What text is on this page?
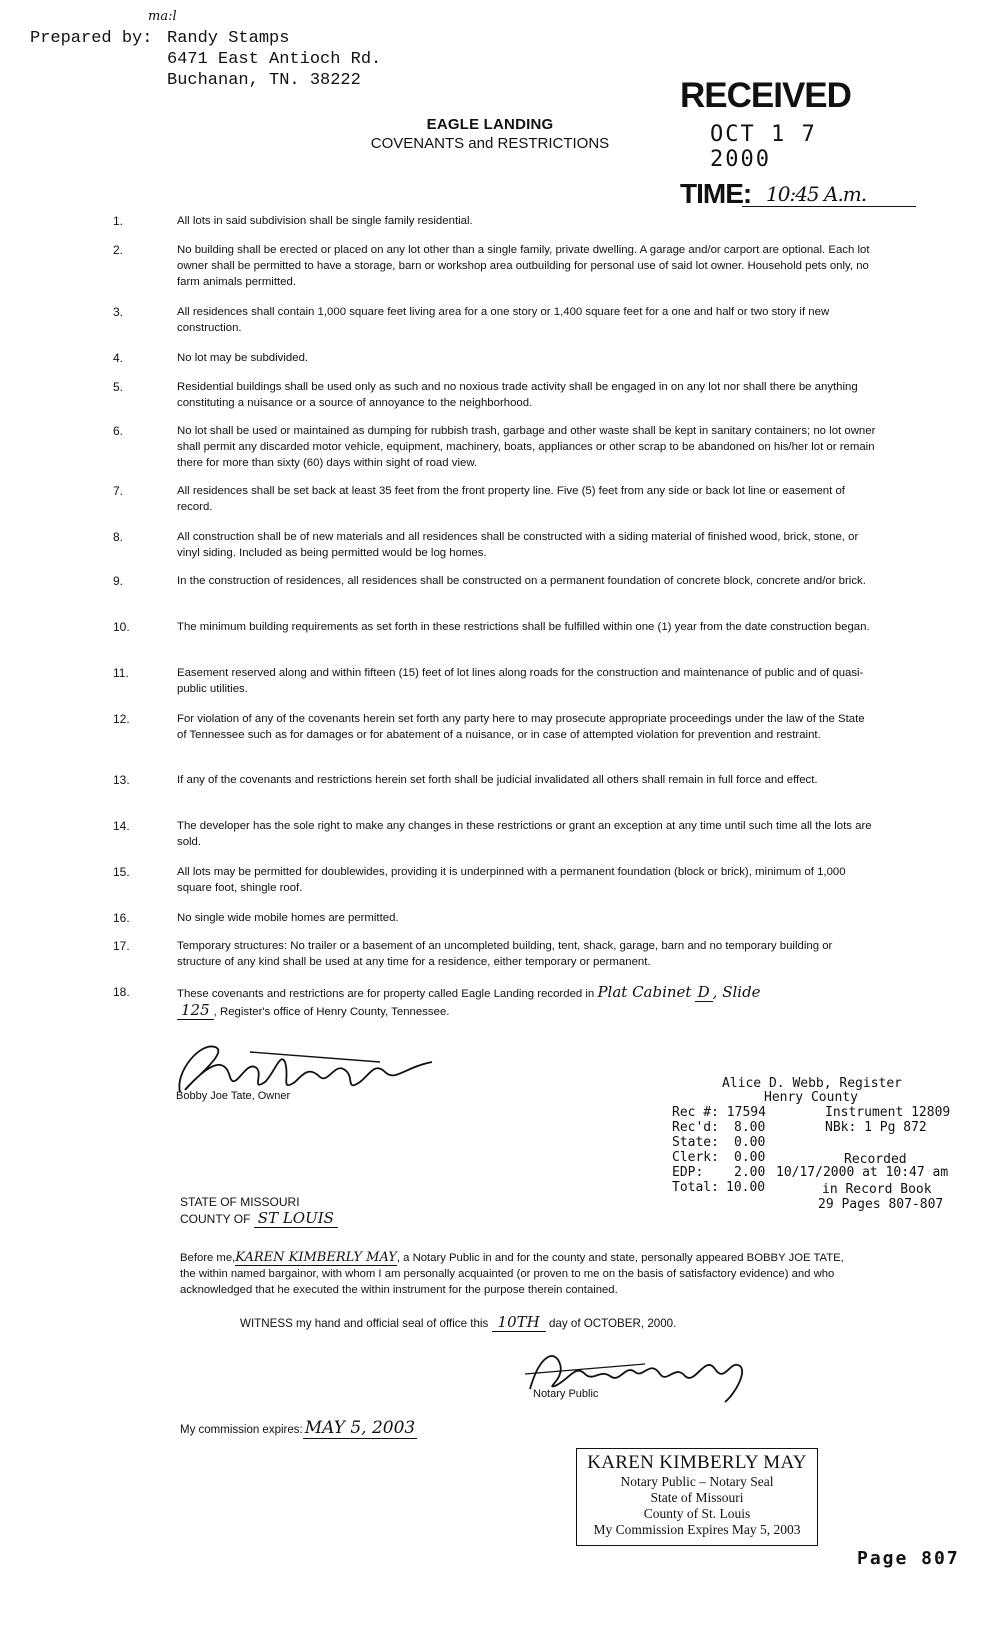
Prepared by:
ma:l
Randy Stamps
6471 East Antioch Rd.
Buchanan, TN. 38222
EAGLE LANDING
COVENANTS and RESTRICTIONS
RECEIVED
OCT 1 7 2000
TIME: 10:45 A.m.
1.	All lots in said subdivision shall be single family residential.
2.	No building shall be erected or placed on any lot other than a single family, private dwelling. A garage and/or carport are optional. Each lot owner shall be permitted to have a storage, barn or workshop area outbuilding for personal use of said lot owner. Household pets only, no farm animals permitted.
3.	All residences shall contain 1,000 square feet living area for a one story or 1,400 square feet for a one and half or two story if new construction.
4.	No lot may be subdivided.
5.	Residential buildings shall be used only as such and no noxious trade activity shall be engaged in on any lot nor shall there be anything constituting a nuisance or a source of annoyance to the neighborhood.
6.	No lot shall be used or maintained as dumping for rubbish trash, garbage and other waste shall be kept in sanitary containers; no lot owner shall permit any discarded motor vehicle, equipment, machinery, boats, appliances or other scrap to be abandoned on his/her lot or remain there for more than sixty (60) days within sight of road view.
7.	All residences shall be set back at least 35 feet from the front property line. Five (5) feet from any side or back lot line or easement of record.
8.	All construction shall be of new materials and all residences shall be constructed with a siding material of finished wood, brick, stone, or vinyl siding. Included as being permitted would be log homes.
9.	In the construction of residences, all residences shall be constructed on a permanent foundation of concrete block, concrete and/or brick.
10.	The minimum building requirements as set forth in these restrictions shall be fulfilled within one (1) year from the date construction began.
11.	Easement reserved along and within fifteen (15) feet of lot lines along roads for the construction and maintenance of public and of quasi-public utilities.
12.	For violation of any of the covenants herein set forth any party here to may prosecute appropriate proceedings under the law of the State of Tennessee such as for damages or for abatement of a nuisance, or in case of attempted violation for prevention and restraint.
13.	If any of the covenants and restrictions herein set forth shall be judicial invalidated all others shall remain in full force and effect.
14.	The developer has the sole right to make any changes in these restrictions or grant an exception at any time until such time all the lots are sold.
15.	All lots may be permitted for doublewides, providing it is underpinned with a permanent foundation (block or brick), minimum of 1,000 square foot, shingle roof.
16.	No single wide mobile homes are permitted.
17.	Temporary structures: No trailer or a basement of an uncompleted building, tent, shack, garage, barn and no temporary building or structure of any kind shall be used at any time for a residence, either temporary or permanent.
18.	These covenants and restrictions are for property called Eagle Landing recorded in Plat Cabinet D , Slide
125 , Register's office of Henry County, Tennessee.
Bobby Joe Tate, Owner
Alice D. Webb, Register
Henry County
Rec #: 17594	Instrument 12809
Rec'd: 8.00	NBk: 1 Pg 872
State: 0.00
Clerk: 0.00	Recorded
EDP: 2.00 10/17/2000 at 10:47 am
Total: 10.00	in Record Book
29 Pages 807-807
STATE OF MISSOURI
COUNTY OF ST LOUIS
Before me,KAREN KIMBERLY MAY, a Notary Public in and for the county and state, personally appeared BOBBY JOE TATE, the within named bargainor, with whom I am personally acquainted (or proven to me on the basis of satisfactory evidence) and who acknowledged that he executed the within instrument for the purpose therein contained.
WITNESS my hand and official seal of office this 10TH day of OCTOBER, 2000.
Notary Public
My commission expires: MAY 5, 2003
KAREN KIMBERLY MAY
Notary Public – Notary Seal
State of Missouri
County of St. Louis
My Commission Expires May 5, 2003
Page 807
